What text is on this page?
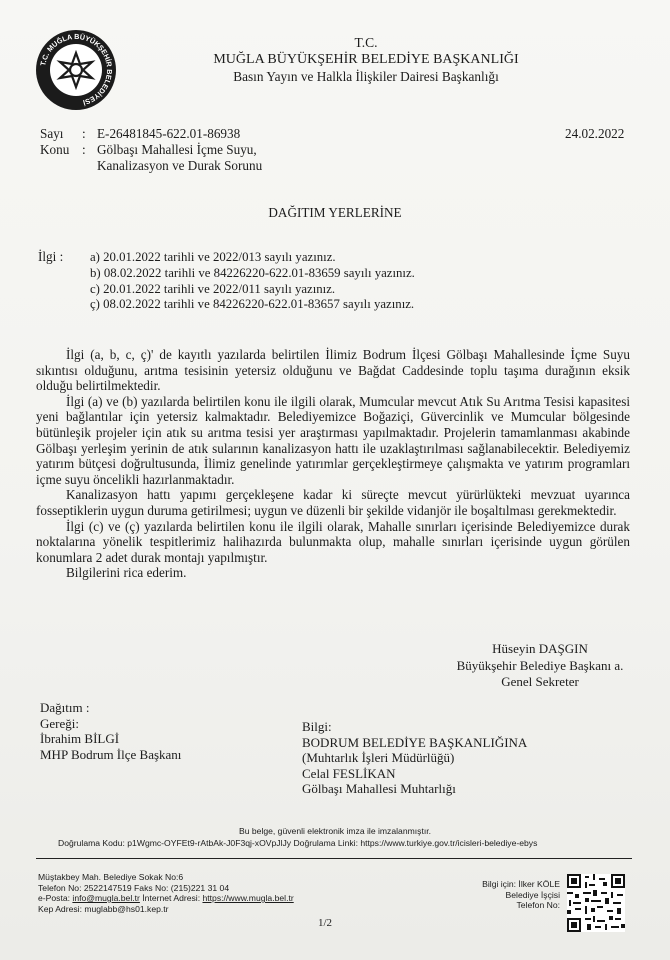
T.C. MUĞLA BÜYÜKŞEHİR BELEDİYESİ
T.C.
MUĞLA BÜYÜKŞEHİR BELEDİYE BAŞKANLIĞI
Basın Yayın ve Halkla İlişkiler Dairesi Başkanlığı
Sayı : E-26481845-622.01-86938	24.02.2022
Konu : Gölbaşı Mahallesi İçme Suyu,
Kanalizasyon ve Durak Sorunu
DAĞITIM YERLERİNE
İlgi : a) 20.01.2022 tarihli ve 2022/013 sayılı yazınız.
b) 08.02.2022 tarihli ve 84226220-622.01-83659 sayılı yazınız.
c) 20.01.2022 tarihli ve 2022/011 sayılı yazınız.
ç) 08.02.2022 tarihli ve 84226220-622.01-83657 sayılı yazınız.

İlgi (a, b, c, ç)' de kayıtlı yazılarda belirtilen İlimiz Bodrum İlçesi Gölbaşı Mahallesinde İçme Suyu sıkıntısı olduğunu, arıtma tesisinin yetersiz olduğunu ve Bağdat Caddesinde toplu taşıma durağının eksik olduğu belirtilmektedir.

İlgi (a) ve (b) yazılarda belirtilen konu ile ilgili olarak, Mumcular mevcut Atık Su Arıtma Tesisi kapasitesi yeni bağlantılar için yetersiz kalmaktadır. Belediyemizce Boğaziçi, Güvercinlik ve Mumcular bölgesinde bütünleşik projeler için atık su arıtma tesisi yer araştırması yapılmaktadır. Projelerin tamamlanması akabinde Gölbaşı yerleşim yerinin de atık sularının kanalizasyon hattı ile uzaklaştırılması sağlanabilecektir. Belediyemiz yatırım bütçesi doğrultusunda, İlimiz genelinde yatırımlar gerçekleştirmeye çalışmakta ve yatırım programları içme suyu öncelikli hazırlanmaktadır.

Kanalizasyon hattı yapımı gerçekleşene kadar ki süreçte mevcut yürürlükteki mevzuat uyarınca fosseptiklerin uygun duruma getirilmesi; uygun ve düzenli bir şekilde vidanjör ile boşaltılması gerekmektedir.

İlgi (c) ve (ç) yazılarda belirtilen konu ile ilgili olarak, Mahalle sınırları içerisinde Belediyemizce durak noktalarına yönelik tespitlerimiz halihazırda bulunmakta olup, mahalle sınırları içerisinde uygun görülen konumlara 2 adet durak montajı yapılmıştır.

Bilgilerini rica ederim.

Hüseyin DAŞGIN
Büyükşehir Belediye Başkanı a.
Genel Sekreter
Dağıtım :
Gereği:
İbrahim BİLGİ
MHP Bodrum İlçe Başkanı
Bilgi:
BODRUM BELEDİYE BAŞKANLIĞINA
(Muhtarlık İşleri Müdürlüğü)
Celal FESLİKAN
Gölbaşı Mahallesi Muhtarlığı
Bu belge, güvenli elektronik imza ile imzalanmıştır.
Doğrulama Kodu: p1Wgmc-OYFEt9-rAtbAk-J0F3qj-xOVpJlJy Doğrulama Linki: https://www.turkiye.gov.tr/icisleri-belediye-ebys
Müştakbey Mah. Belediye Sokak No:6
Telefon No: 2522147519 Faks No: (215)221 31 04
e-Posta: info@mugla.bel.tr İnternet Adresi: https://www.mugla.bel.tr
Kep Adresi: muglabb@hs01.kep.tr
Bilgi için: İlker KÖLE
Belediye İşçisi
Telefon No:
1/2
